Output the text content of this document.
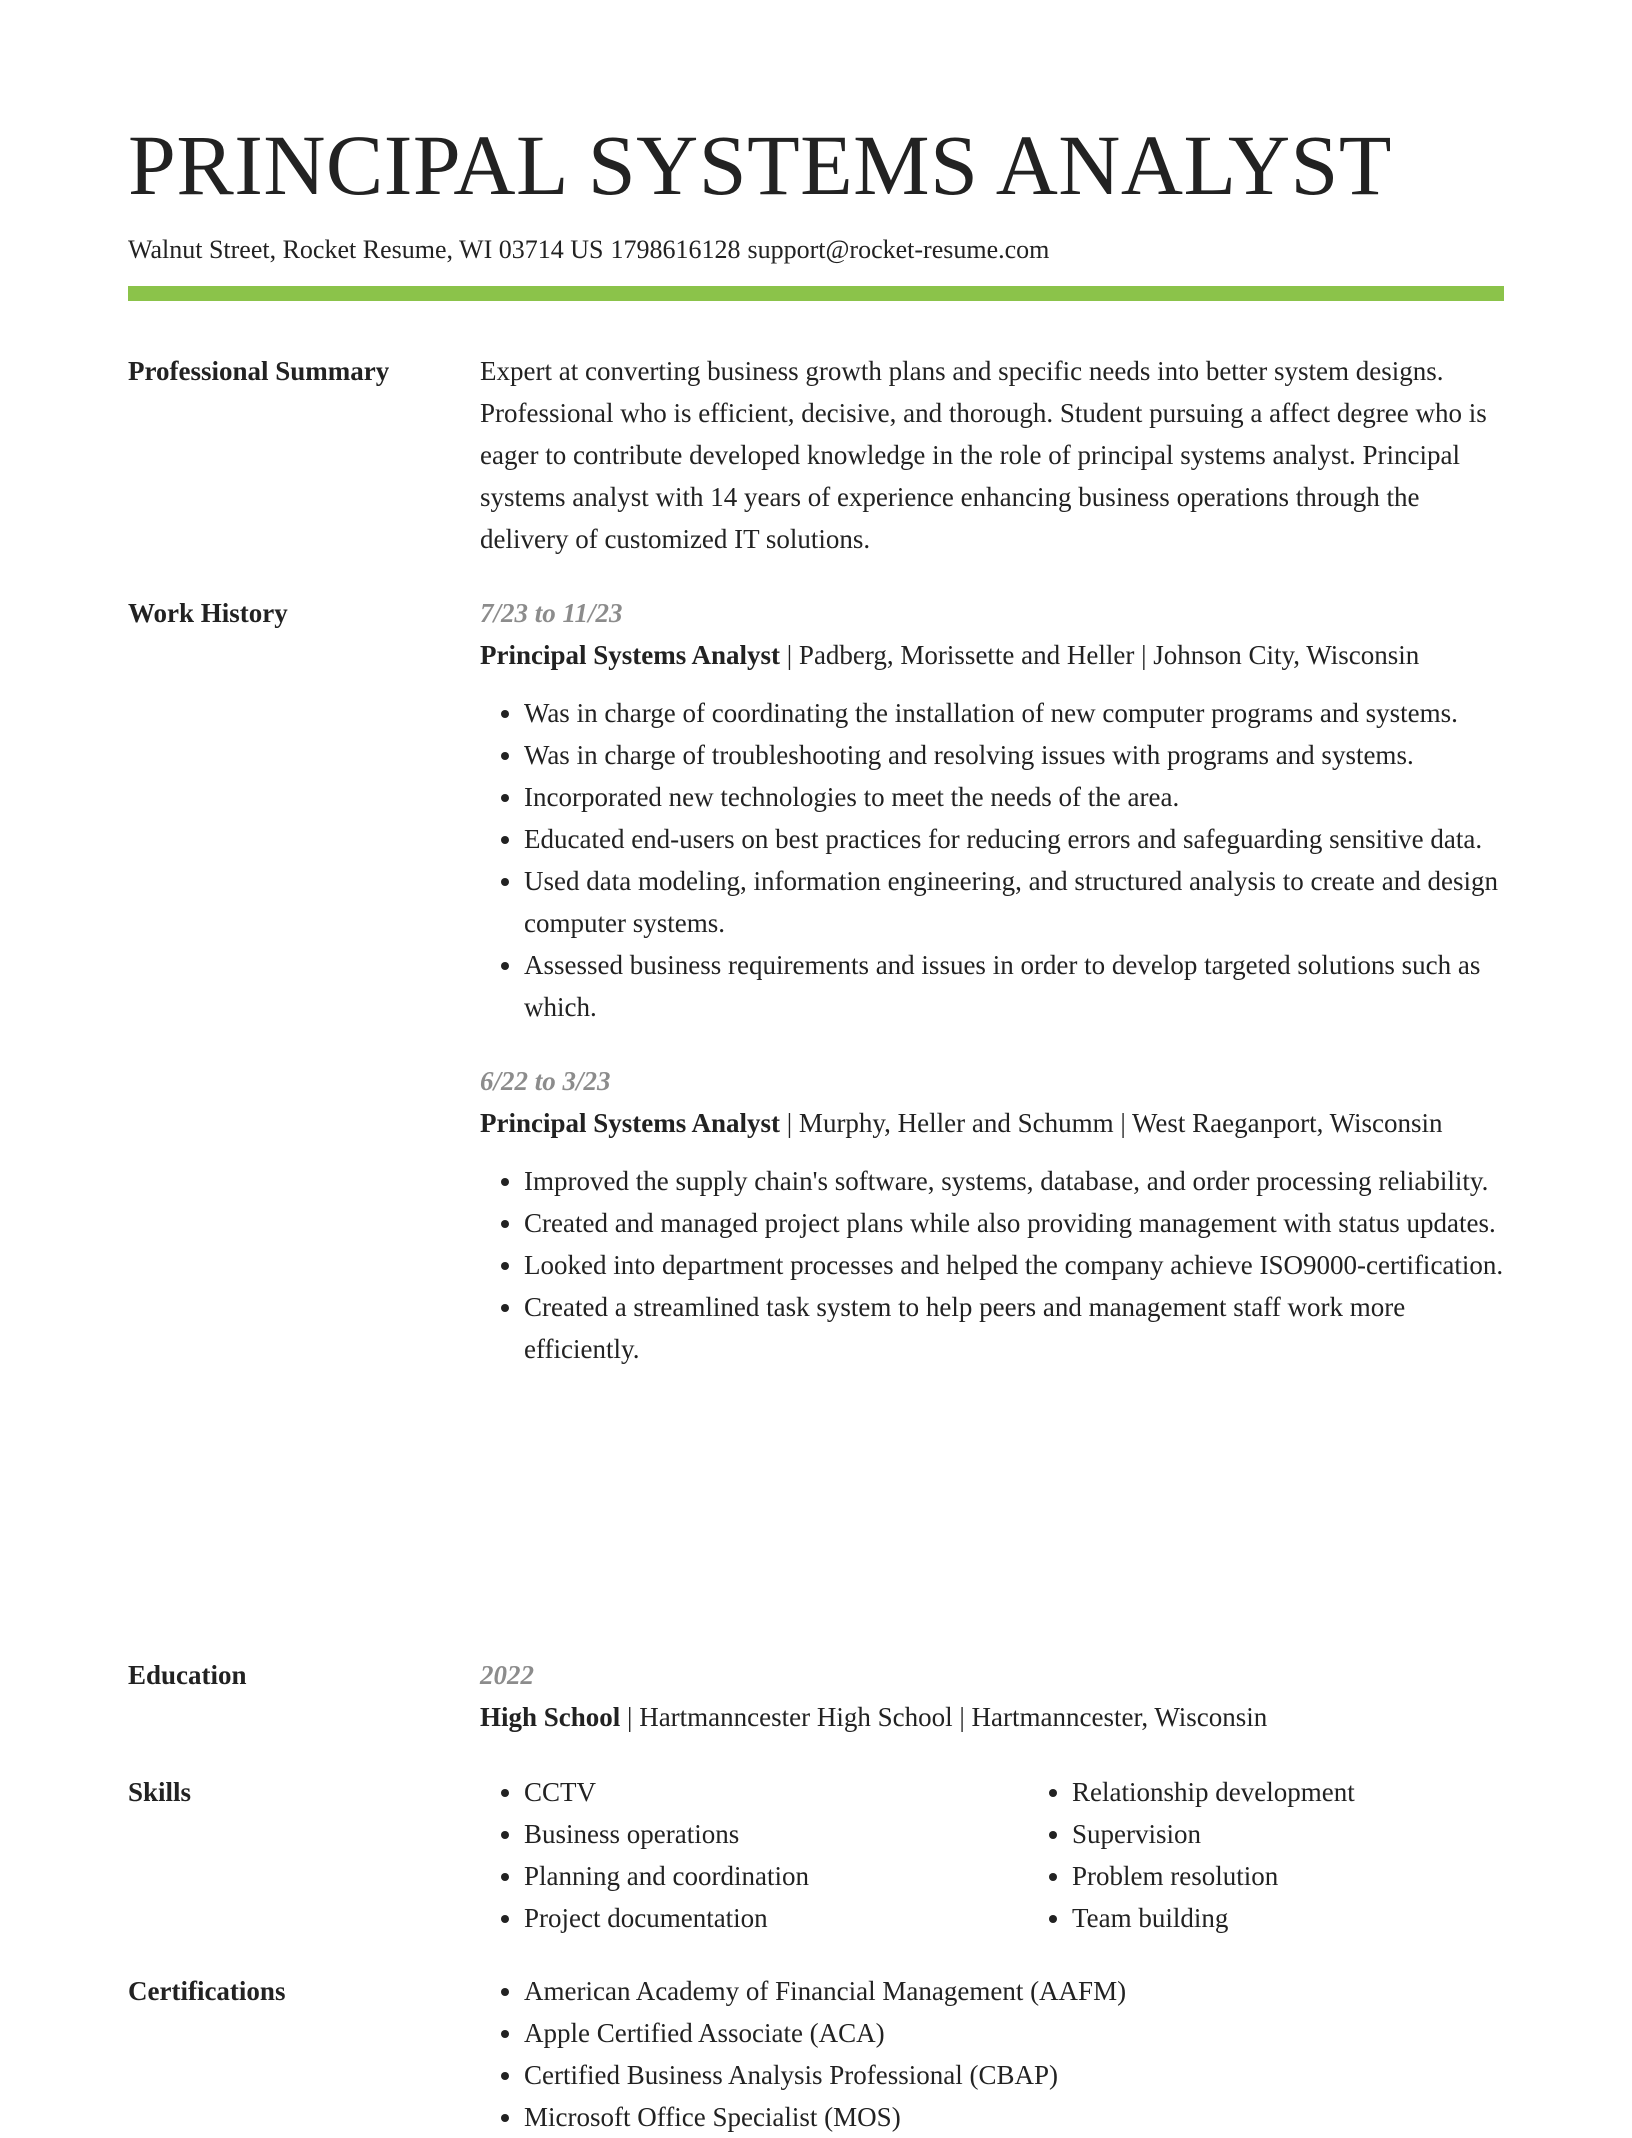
PRINCIPAL SYSTEMS ANALYST
Walnut Street, Rocket Resume, WI 03714 US 1798616128 support@rocket-resume.com
Professional Summary	Expert at converting business growth plans and specific needs into better system designs. Professional who is efficient, decisive, and thorough. Student pursuing a affect degree who is eager to contribute developed knowledge in the role of principal systems analyst. Principal systems analyst with 14 years of experience enhancing business operations through the delivery of customized IT solutions.

Work History	7/23 to 11/23

Principal Systems Analyst | Padberg, Morissette and Heller | Johnson City, Wisconsin

• Was in charge of coordinating the installation of new computer programs and systems.
• Was in charge of troubleshooting and resolving issues with programs and systems.
• Incorporated new technologies to meet the needs of the area.
• Educated end-users on best practices for reducing errors and safeguarding sensitive data.
• Used data modeling, information engineering, and structured analysis to create and design computer systems.
• Assessed business requirements and issues in order to develop targeted solutions such as which.
6/22 to 3/23

Principal Systems Analyst | Murphy, Heller and Schumm | West Raeganport, Wisconsin

• Improved the supply chain's software, systems, database, and order processing reliability.
• Created and managed project plans while also providing management with status updates.
• Looked into department processes and helped the company achieve ISO9000-certification.
• Created a streamlined task system to help peers and management staff work more efficiently.
Education	2022

High School | Hartmanncester High School | Hartmanncester, Wisconsin

Skills	• CCTV
• Business operations
• Planning and coordination
• Project documentation
• Relationship development
• Supervision
• Problem resolution
• Team building
Certifications	• American Academy of Financial Management (AAFM)
• Apple Certified Associate (ACA)
• Certified Business Analysis Professional (CBAP)
• Microsoft Office Specialist (MOS)
